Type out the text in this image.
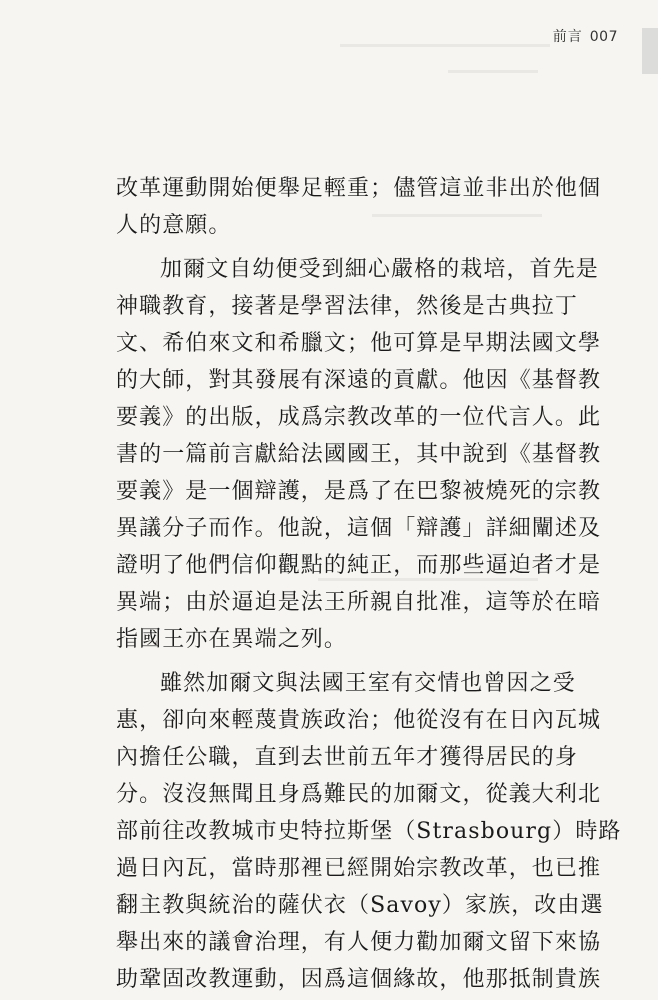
前言 007
改革運動開始便舉足輕重；儘管這並非出於他個
人的意願。
加爾文自幼便受到細心嚴格的栽培，首先是
神職教育，接著是學習法律，然後是古典拉丁
文、希伯來文和希臘文；他可算是早期法國文學
的大師，對其發展有深遠的貢獻。他因《基督教
要義》的出版，成爲宗教改革的一位代言人。此
書的一篇前言獻給法國國王，其中說到《基督教
要義》是一個辯護，是爲了在巴黎被燒死的宗教
異議分子而作。他說，這個「辯護」詳細闡述及
證明了他們信仰觀點的純正，而那些逼迫者才是
異端；由於逼迫是法王所親自批准，這等於在暗
指國王亦在異端之列。
雖然加爾文與法國王室有交情也曾因之受
惠，卻向來輕蔑貴族政治；他從沒有在日內瓦城
內擔任公職，直到去世前五年才獲得居民的身
分。沒沒無聞且身爲難民的加爾文，從義大利北
部前往改教城市史特拉斯堡（Strasbourg）時路
過日內瓦，當時那裡已經開始宗教改革，也已推
翻主教與統治的薩伏衣（Savoy）家族，改由選
舉出來的議會治理，有人便力勸加爾文留下來協
助鞏固改教運動，因爲這個緣故，他那抵制貴族
